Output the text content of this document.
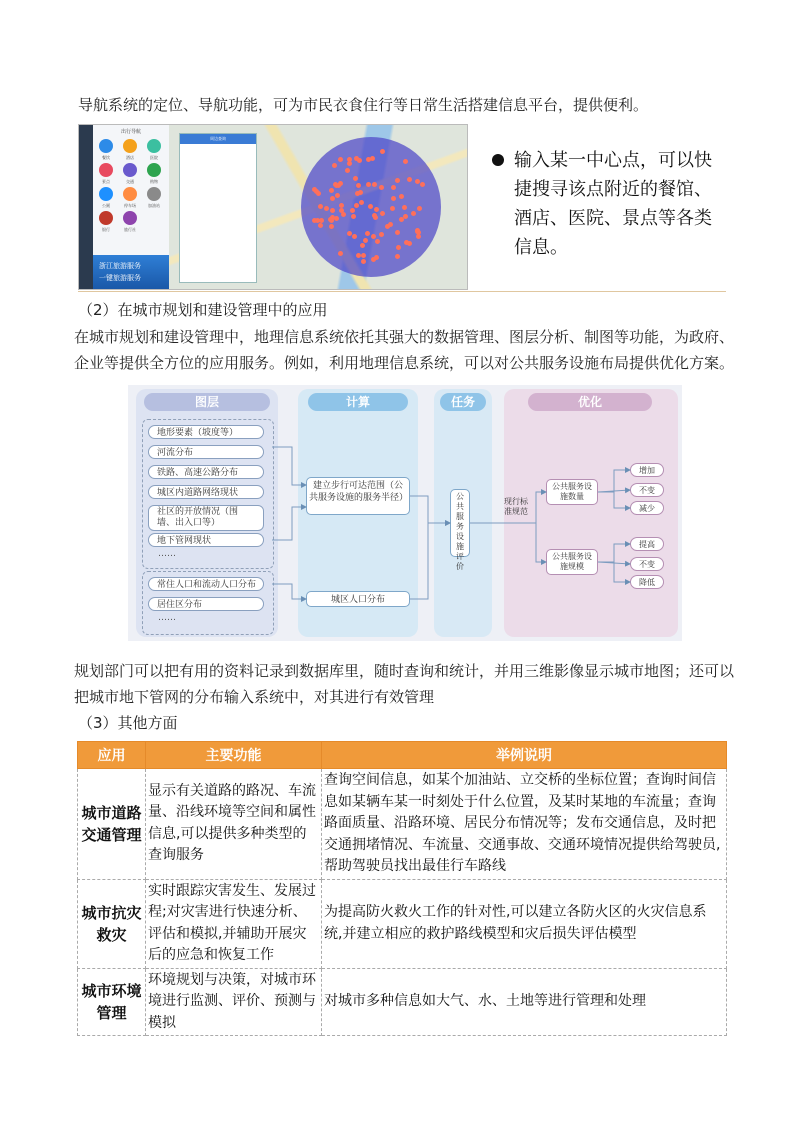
导航系统的定位、导航功能，可为市民衣食住行等日常生活搭建信息平台，提供便利。
出行导航
餐饮	酒店	医院
景点	交通	购物
公厕	停车场	加油站
银行	旅行社
浙江旅游服务
一键旅游服务
周边查询
输入某一中心点，可以快捷搜寻该点附近的餐馆、酒店、医院、景点等各类信息。
（2）在城市规划和建设管理中的应用
在城市规划和建设管理中，地理信息系统依托其强大的数据管理、图层分析、制图等功能，为政府、企业等提供全方位的应用服务。例如，利用地理信息系统，可以对公共服务设施布局提供优化方案。
图层	计算	任务	优化
地形要素（坡度等）
河流分布
铁路、高速公路分布
城区内道路网络现状
社区的开放情况（围墙、出入口等）
地下管网现状
……
常住人口和流动人口分布
居住区分布
……
建立步行可达范围（公共服务设施的服务半径）
城区人口分布
公共服务设施评价
现行标准规范
公共服务设施数量
公共服务设施规模
增加
不变
减少
提高
不变
降低
规划部门可以把有用的资料记录到数据库里，随时查询和统计，并用三维影像显示城市地图；还可以把城市地下管网的分布输入系统中，对其进行有效管理
（3）其他方面
应用	主要功能	举例说明
城市道路交通管理	显示有关道路的路况、车流量、沿线环境等空间和属性信息,可以提供多种类型的查询服务	查询空间信息，如某个加油站、立交桥的坐标位置；查询时间信息如某辆车某一时刻处于什么位置，及某时某地的车流量；查询路面质量、沿路环境、居民分布情况等；发布交通信息，及时把交通拥堵情况、车流量、交通事故、交通环境情况提供给驾驶员,帮助驾驶员找出最佳行车路线
城市抗灾救灾	实时跟踪灾害发生、发展过程;对灾害进行快速分析、评估和模拟,并辅助开展灾后的应急和恢复工作	为提高防火救火工作的针对性,可以建立各防火区的火灾信息系统,并建立相应的救护路线模型和灾后损失评估模型
城市环境管理	环境规划与决策，对城市环境进行监测、评价、预测与模拟	对城市多种信息如大气、水、土地等进行管理和处理
